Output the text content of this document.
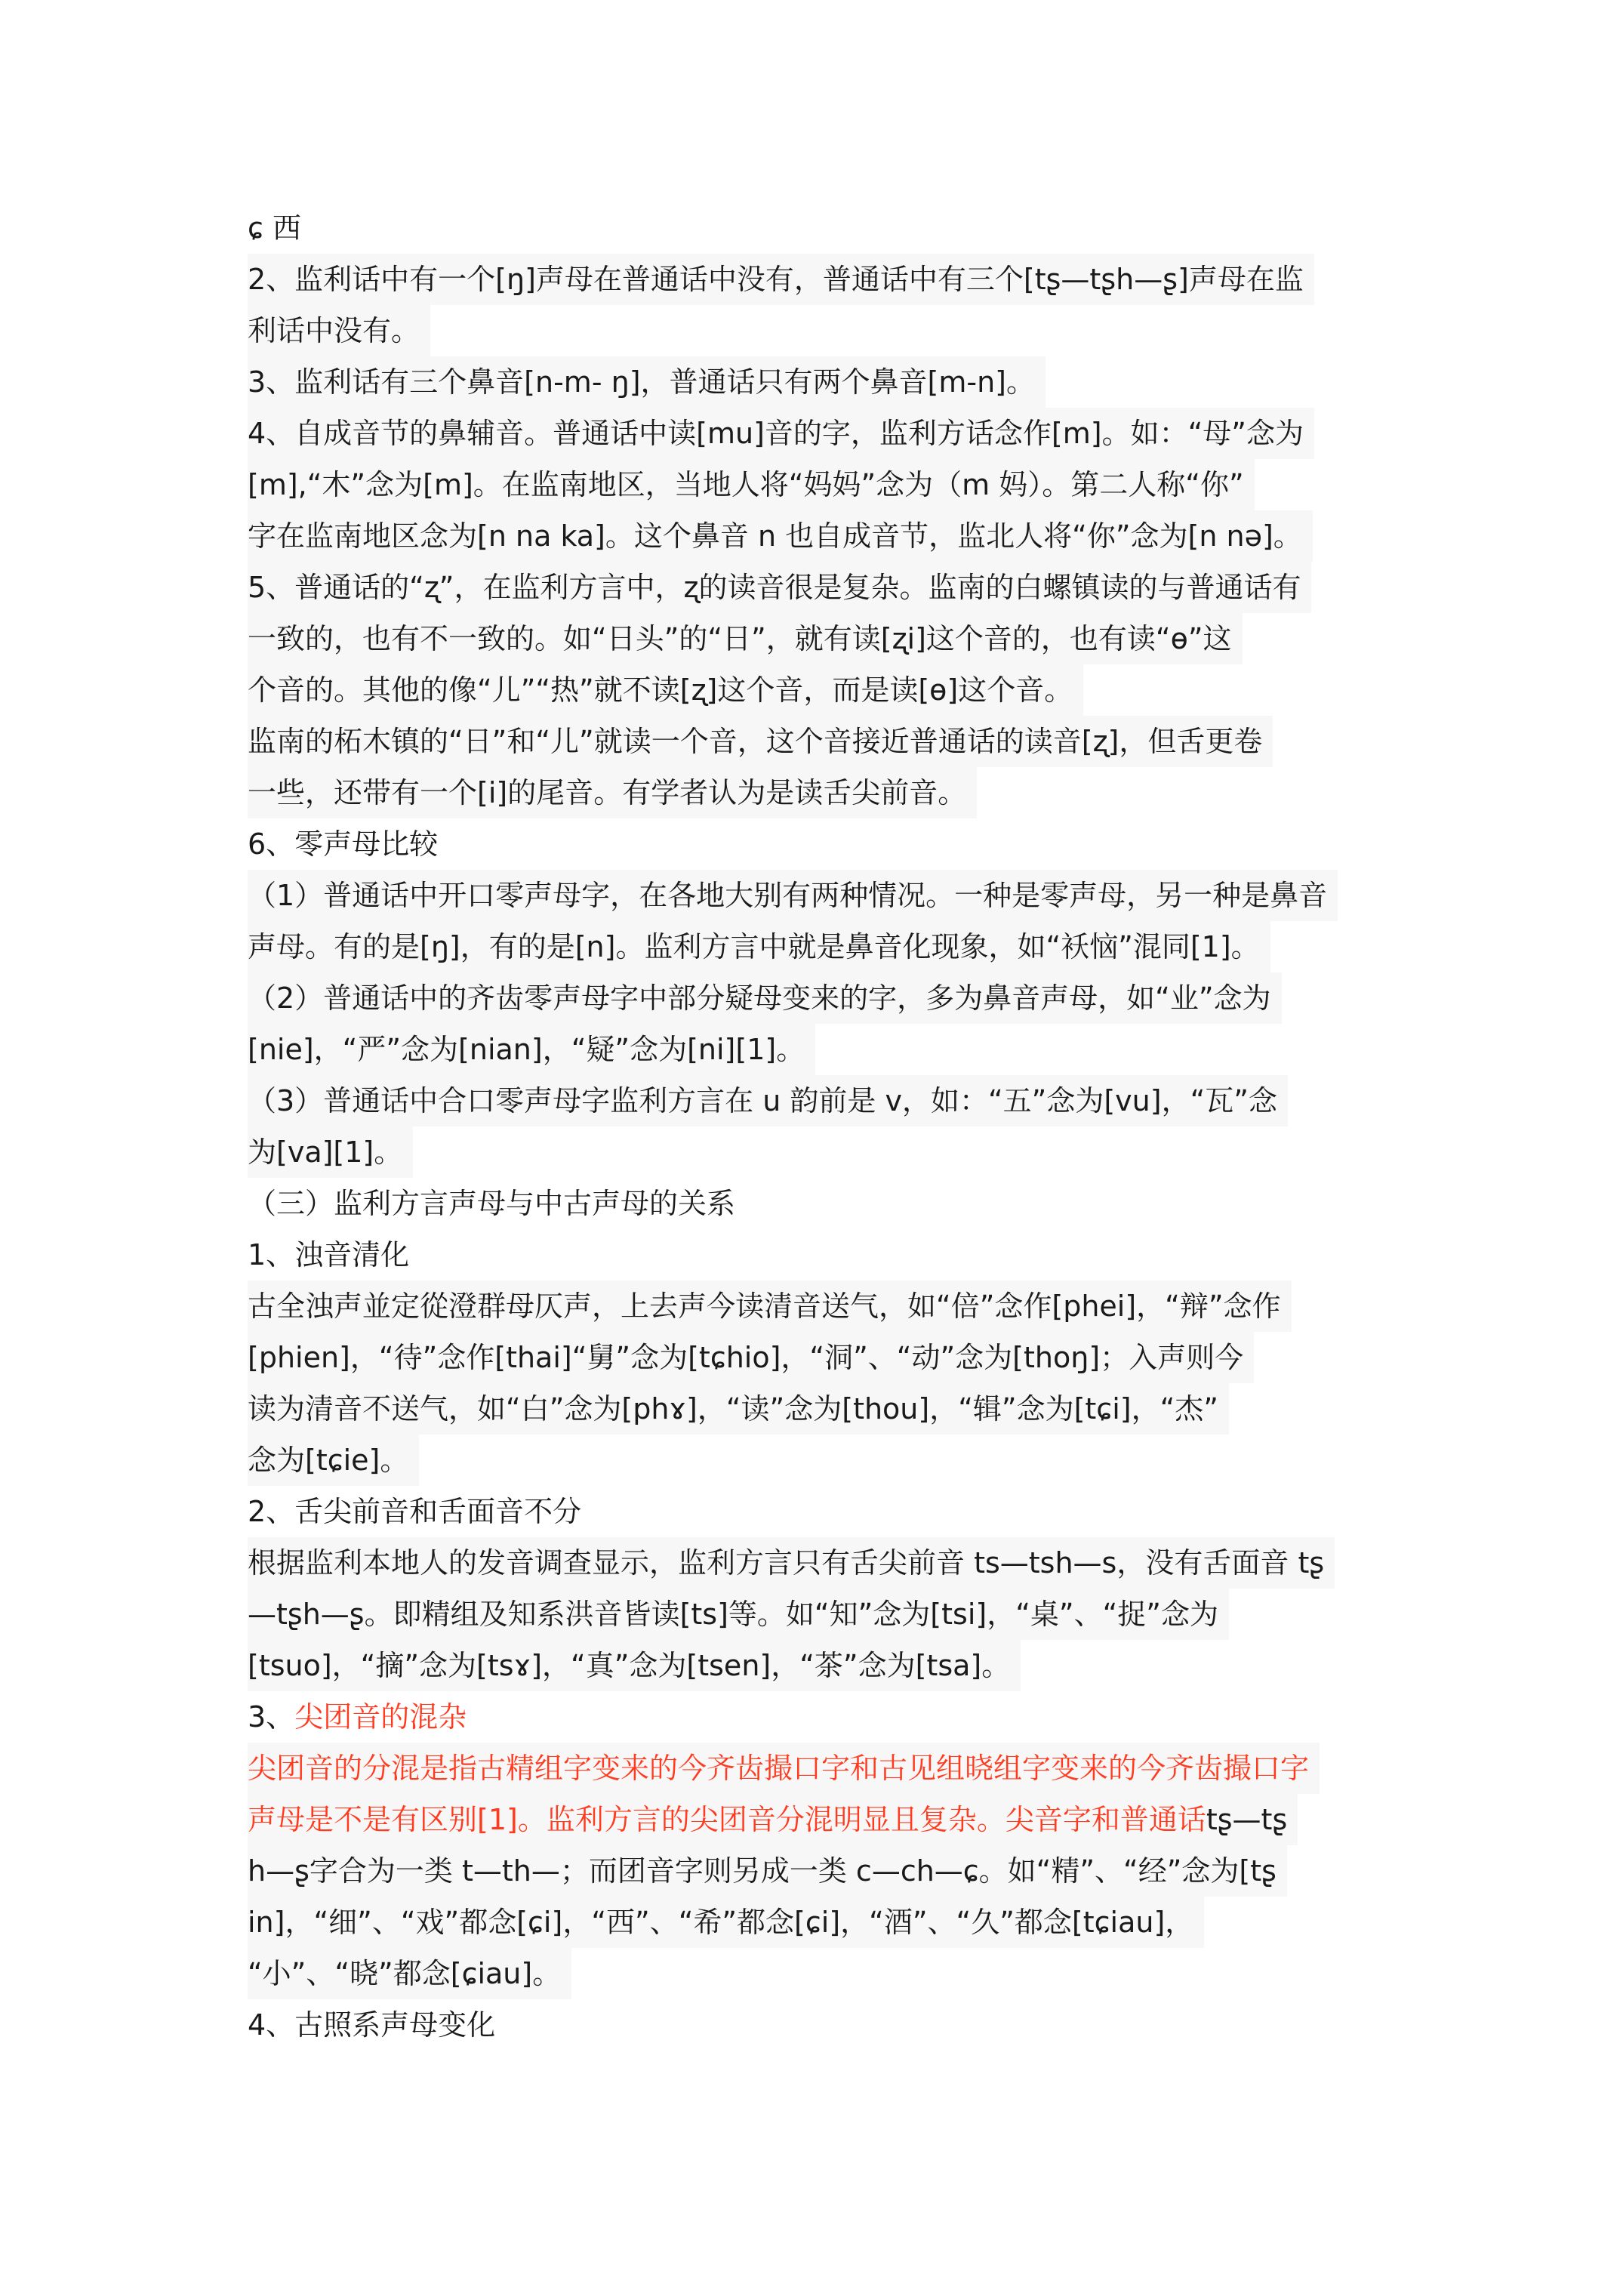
ɕ 西
2、监利话中有一个[ŋ]声母在普通话中没有，普通话中有三个[tʂ—tʂh—ʂ]声母在监
利话中没有。
3、监利话有三个鼻音[n-m- ŋ]，普通话只有两个鼻音[m-n]。
4、自成音节的鼻辅音。普通话中读[mu]音的字，监利方话念作[m]。如：“母”念为
[m],“木”念为[m]。在监南地区，当地人将“妈妈”念为（m 妈）。第二人称“你”
字在监南地区念为[n na ka]。这个鼻音 n 也自成音节，监北人将“你”念为[n nə]。
5、普通话的“ʐ”，在监利方言中，ʐ的读音很是复杂。监南的白螺镇读的与普通话有
一致的，也有不一致的。如“日头”的“日”，就有读[ʐi]这个音的，也有读“ɵ”这
个音的。其他的像“儿”“热”就不读[ʐ]这个音，而是读[ɵ]这个音。
监南的柘木镇的“日”和“儿”就读一个音，这个音接近普通话的读音[ʐ]，但舌更卷
一些，还带有一个[i]的尾音。有学者认为是读舌尖前音。
6、零声母比较
（1）普通话中开口零声母字，在各地大别有两种情况。一种是零声母，另一种是鼻音
声母。有的是[ŋ]，有的是[n]。监利方言中就是鼻音化现象，如“袄恼”混同[1]。
（2）普通话中的齐齿零声母字中部分疑母变来的字，多为鼻音声母，如“业”念为
[nie]，“严”念为[nian]，“疑”念为[ni][1]。
（3）普通话中合口零声母字监利方言在 u 韵前是 v，如：“五”念为[vu]，“瓦”念
为[va][1]。
（三）监利方言声母与中古声母的关系
1、浊音清化
古全浊声並定從澄群母仄声，上去声今读清音送气，如“倍”念作[phei]，“辩”念作
[phien]，“待”念作[thai]“舅”念为[tɕhio]，“洞”、“动”念为[thoŋ]；入声则今
读为清音不送气，如“白”念为[phɤ]，“读”念为[thou]，“辑”念为[tɕi]，“杰”
念为[tɕie]。
2、舌尖前音和舌面音不分
根据监利本地人的发音调查显示，监利方言只有舌尖前音 ts—tsh—s，没有舌面音 tʂ
—tʂh—ʂ。即精组及知系洪音皆读[ts]等。如“知”念为[tsi]，“桌”、“捉”念为
[tsuo]，“摘”念为[tsɤ]，“真”念为[tsen]，“茶”念为[tsa]。
3、尖团音的混杂
尖团音的分混是指古精组字变来的今齐齿撮口字和古见组晓组字变来的今齐齿撮口字
声母是不是有区别[1]。监利方言的尖团音分混明显且复杂。尖音字和普通话tʂ—tʂ
h—ʂ字合为一类 t—th—；而团音字则另成一类 c—ch—ɕ。如“精”、“经”念为[tʂ
in]，“细”、“戏”都念[ɕi]，“西”、“希”都念[ɕi]，“酒”、“久”都念[tɕiau]，
“小”、“晓”都念[ɕiau]。
4、古照系声母变化
